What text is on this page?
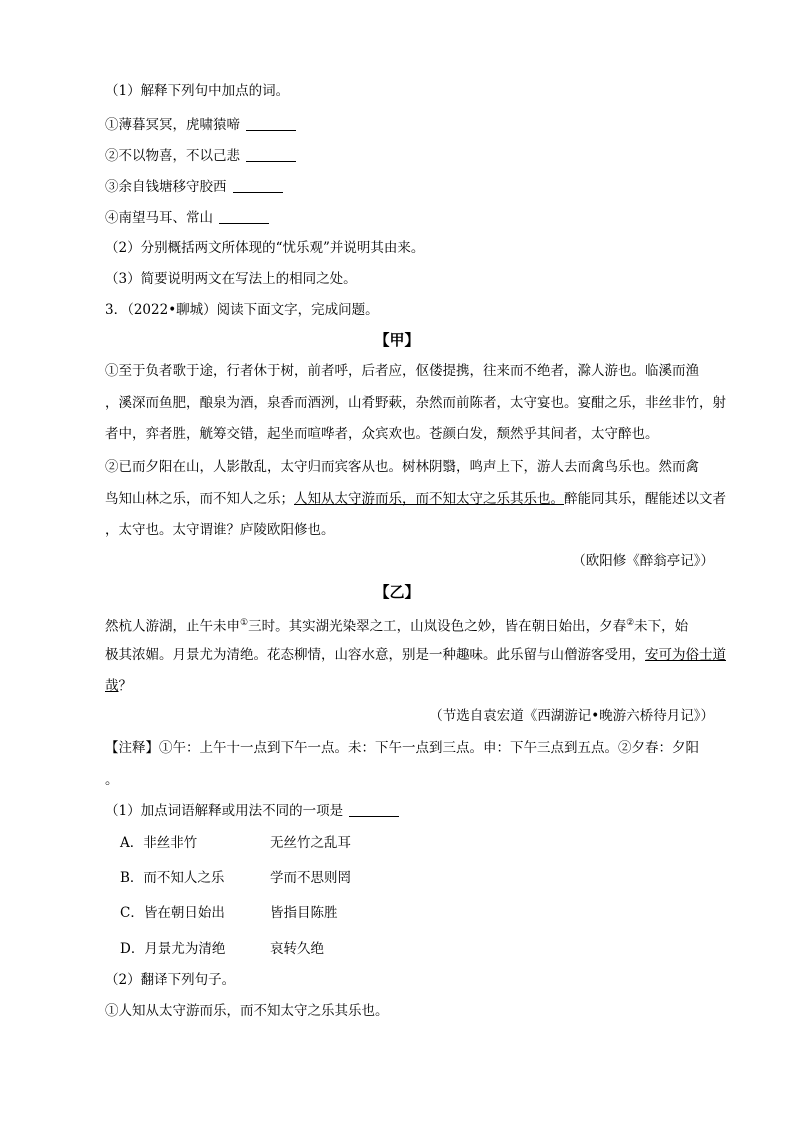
（1）解释下列句中加点的词。
①薄暮冥冥，虎啸猿啼
②不以物喜，不以己悲
③余自钱塘移守胶西
④南望马耳、常山
（2）分别概括两文所体现的“忧乐观”并说明其由来。
（3）简要说明两文在写法上的相同之处。
3．（2022•聊城）阅读下面文字，完成问题。
【甲】
①至于负者歌于途，行者休于树，前者呼，后者应，伛偻提携，往来而不绝者，滁人游也。临溪而渔
，溪深而鱼肥，酿泉为酒，泉香而酒洌，山肴野蔌，杂然而前陈者，太守宴也。宴酣之乐，非丝非竹，射
者中，弈者胜，觥筹交错，起坐而喧哗者，众宾欢也。苍颜白发，颓然乎其间者，太守醉也。
②已而夕阳在山，人影散乱，太守归而宾客从也。树林阴翳，鸣声上下，游人去而禽鸟乐也。然而禽
鸟知山林之乐，而不知人之乐；人知从太守游而乐，而不知太守之乐其乐也。醉能同其乐，醒能述以文者
，太守也。太守谓谁？庐陵欧阳修也。
（欧阳修《醉翁亭记》）
【乙】
然杭人游湖，止午未申①三时。其实湖光染翠之工，山岚设色之妙，皆在朝日始出，夕春②未下，始
极其浓媚。月景尤为清绝。花态柳情，山容水意，别是一种趣味。此乐留与山僧游客受用，安可为俗士道
哉？
（节选自袁宏道《西湖游记•晚游六桥待月记》）
【注释】①午：上午十一点到下午一点。未：下午一点到三点。申：下午三点到五点。②夕春：夕阳
。
（1）加点词语解释或用法不同的一项是
A．非丝非竹	无丝竹之乱耳
B．而不知人之乐	学而不思则罔
C．皆在朝日始出	皆指目陈胜
D．月景尤为清绝	哀转久绝
（2）翻译下列句子。
①人知从太守游而乐，而不知太守之乐其乐也。
